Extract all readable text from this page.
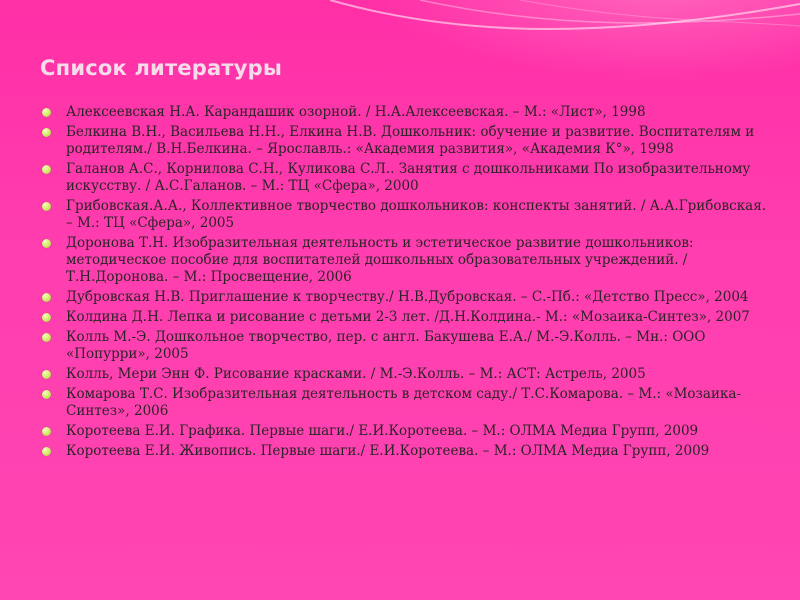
Список литературы
Алексеевская Н.А. Карандашик озорной. / Н.А.Алексеевская. – М.: «Лист», 1998
Белкина В.Н., Васильева Н.Н., Елкина Н.В. Дошкольник: обучение и развитие. Воспитателям и родителям./ В.Н.Белкина. – Ярославль.: «Академия развития», «Академия К°», 1998
Галанов А.С., Корнилова С.Н., Куликова С.Л.. Занятия с дошкольниками По изобразительному искусству. / А.С.Галанов. – М.: ТЦ «Сфера», 2000
Грибовская.А.А., Коллективное творчество дошкольников: конспекты занятий. / А.А.Грибовская. – М.: ТЦ «Сфера», 2005
Доронова Т.Н. Изобразительная деятельность и эстетическое развитие дошкольников: методическое пособие для воспитателей дошкольных образовательных учреждений. / Т.Н.Доронова. – М.: Просвещение, 2006
Дубровская Н.В. Приглашение к творчеству./ Н.В.Дубровская. – С.-Пб.: «Детство Пресс», 2004
Колдина Д.Н. Лепка и рисование с детьми 2-3 лет. /Д.Н.Колдина.- М.: «Мозаика-Синтез», 2007
Колль М.-Э. Дошкольное творчество, пер. с англ. Бакушева Е.А./ М.-Э.Колль. – Мн.: ООО «Попурри», 2005
Колль, Мери Энн Ф. Рисование красками. / М.-Э.Колль. – М.: АСТ: Астрель, 2005
Комарова Т.С. Изобразительная деятельность в детском саду./ Т.С.Комарова. – М.: «Мозаика-Синтез», 2006
Коротеева Е.И. Графика. Первые шаги./ Е.И.Коротеева. – М.: ОЛМА Медиа Групп, 2009
Коротеева Е.И. Живопись. Первые шаги./ Е.И.Коротеева. – М.: ОЛМА Медиа Групп, 2009
